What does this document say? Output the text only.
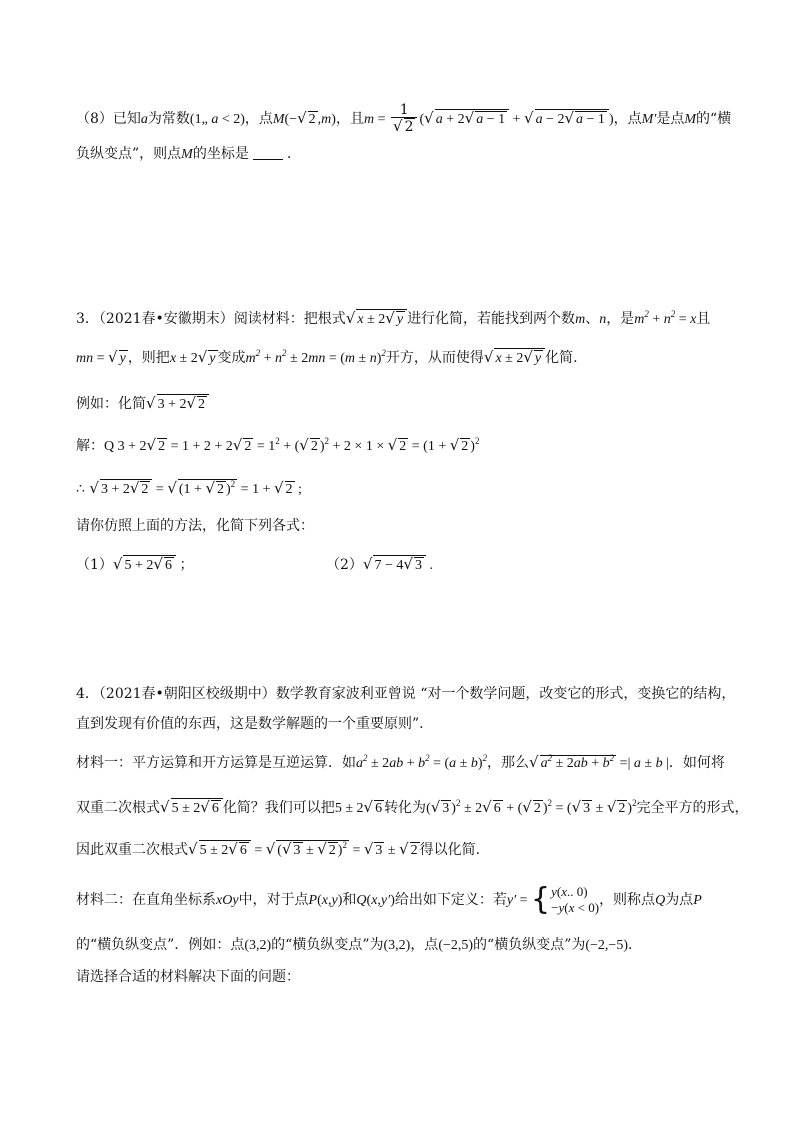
（8）已知a为常数(1„ a < 2)，点M(−√ 2 ,m)，且$m = \frac{1}{√ 2}$ (√ a + 2√ a − 1 + √ a − 2√ a − 1 )，点M′是点M的“横
负纵变点”，则点M的坐标是	.
3．（2021春•安徽期末）阅读材料：把根式√ x ± 2√ y 进行化简，若能找到两个数m、n，是$m^2 + n^2 = x$且
mn = √ y ，则把x ± 2√ y 变成$m^2 + n^2 \pm 2mn = (m \pm n)^2$开方，从而使得√ x ± 2√ y 化简.
例如：化简√ 3 + 2√ 2
解：Q 3 + 2√ 2 = 1 + 2 + 2√ $2 = 1^2$ + (√ 2 )$^2$ + 2 × 1 × √ 2 = (1 + √ 2 )$^2$
∴ √ 3 + 2√ 2 = √ (1 + √ 2 )$^2$ = 1 + √ 2 ;
请你仿照上面的方法，化简下列各式：
（1）√ 5 + 2√ 6 ；	（2）√ 7 − 4√ 3 .
4．（2021春•朝阳区校级期中）数学教育家波利亚曾说 “对一个数学问题，改变它的形式，变换它的结构，
直到发现有价值的东西，这是数学解题的一个重要原则”.
材料一：平方运算和开方运算是互逆运算．如$a^2 \pm 2ab + b^2 = (a \pm b)^2$，那么√ $a^2 \pm 2ab + b^2$ =| a ± b |．如何将
双重二次根式√ 5 ± 2√ 6 化简？我们可以把5 ± 2√ 6 转化为(√ 3 )$^2$ ± 2√ 6 + (√ 2 )$^2$ = (√ 3 ± √ 2 )$^2$完全平方的形式，
因此双重二次根式√ 5 ± 2√ 6 = √ (√ 3 ± √ 2 )$^2$ = √ 3 ± √ 2 得以化简.
材料二：在直角坐标系xOy中，对于点P(x,y)和Q(x,y′)给出如下定义：若y′ = { y(x.. 0)
−y(x < 0) ，则称点Q为点P
的“横负纵变点”．例如：点(3,2)的“横负纵变点”为(3,2)，点(−2,5)的“横负纵变点”为(−2,−5).
请选择合适的材料解决下面的问题：
